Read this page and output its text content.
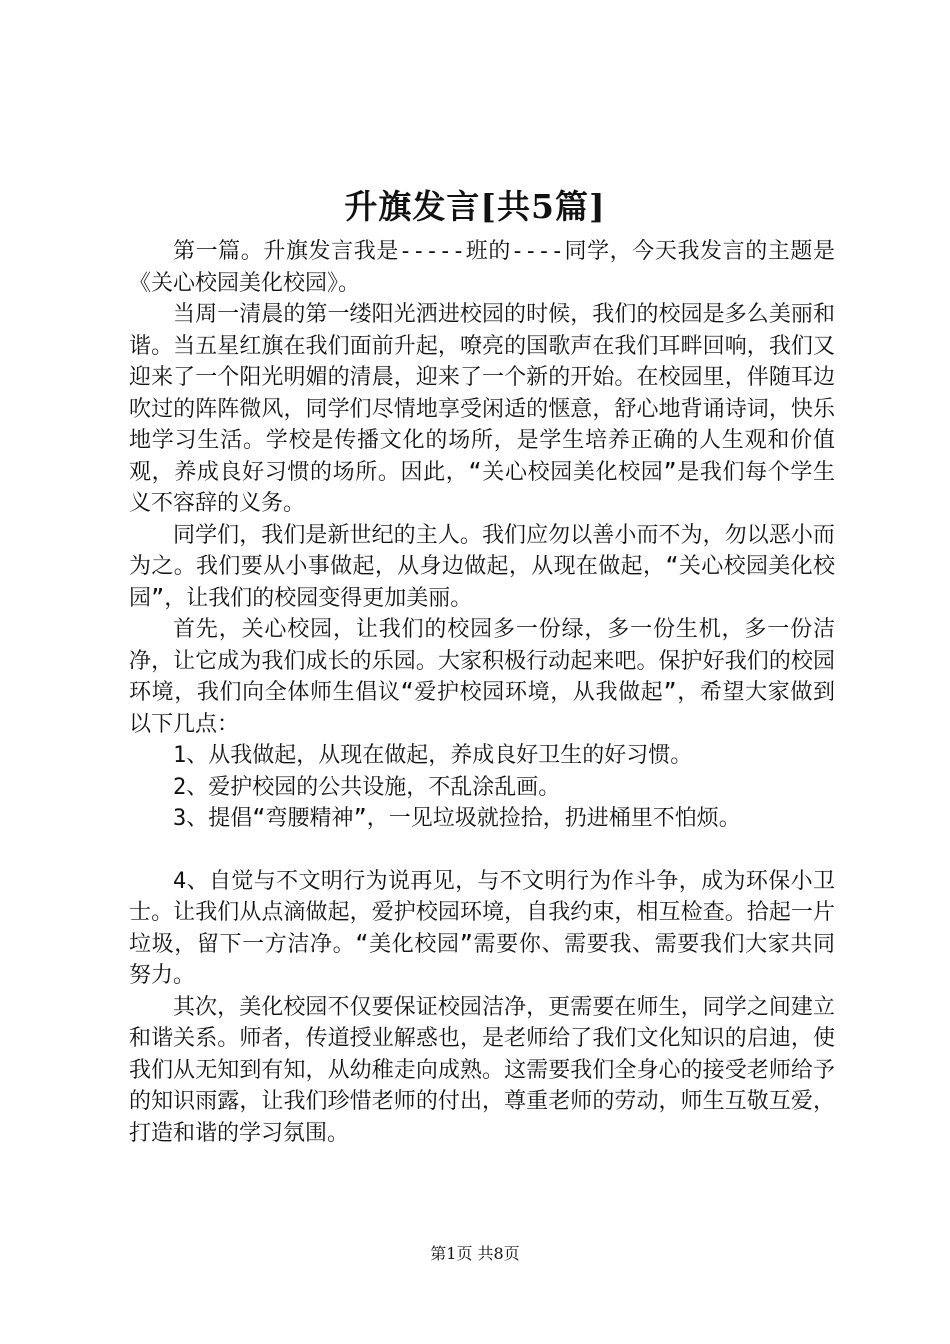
升旗发言[共5篇]

第一篇。升旗发言我是-----班的----同学，今天我发言的主题是《关心校园美化校园》。

当周一清晨的第一缕阳光洒进校园的时候，我们的校园是多么美丽和谐。当五星红旗在我们面前升起，嘹亮的国歌声在我们耳畔回响，我们又迎来了一个阳光明媚的清晨，迎来了一个新的开始。在校园里，伴随耳边吹过的阵阵微风，同学们尽情地享受闲适的惬意，舒心地背诵诗词，快乐地学习生活。学校是传播文化的场所，是学生培养正确的人生观和价值观，养成良好习惯的场所。因此，“关心校园美化校园”是我们每个学生义不容辞的义务。

同学们，我们是新世纪的主人。我们应勿以善小而不为，勿以恶小而为之。我们要从小事做起，从身边做起，从现在做起，“关心校园美化校园”，让我们的校园变得更加美丽。

首先，关心校园，让我们的校园多一份绿，多一份生机，多一份洁净，让它成为我们成长的乐园。大家积极行动起来吧。保护好我们的校园环境，我们向全体师生倡议“爱护校园环境，从我做起”，希望大家做到以下几点：

1、从我做起，从现在做起，养成良好卫生的好习惯。

2、爱护校园的公共设施，不乱涂乱画。

3、提倡“弯腰精神”，一见垃圾就捡拾，扔进桶里不怕烦。

4、自觉与不文明行为说再见，与不文明行为作斗争，成为环保小卫士。让我们从点滴做起，爱护校园环境，自我约束，相互检查。拾起一片垃圾，留下一方洁净。“美化校园”需要你、需要我、需要我们大家共同努力。

其次，美化校园不仅要保证校园洁净，更需要在师生，同学之间建立和谐关系。师者，传道授业解惑也，是老师给了我们文化知识的启迪，使我们从无知到有知，从幼稚走向成熟。这需要我们全身心的接受老师给予的知识雨露，让我们珍惜老师的付出，尊重老师的劳动，师生互敬互爱，打造和谐的学习氛围。

第1页 共8页
